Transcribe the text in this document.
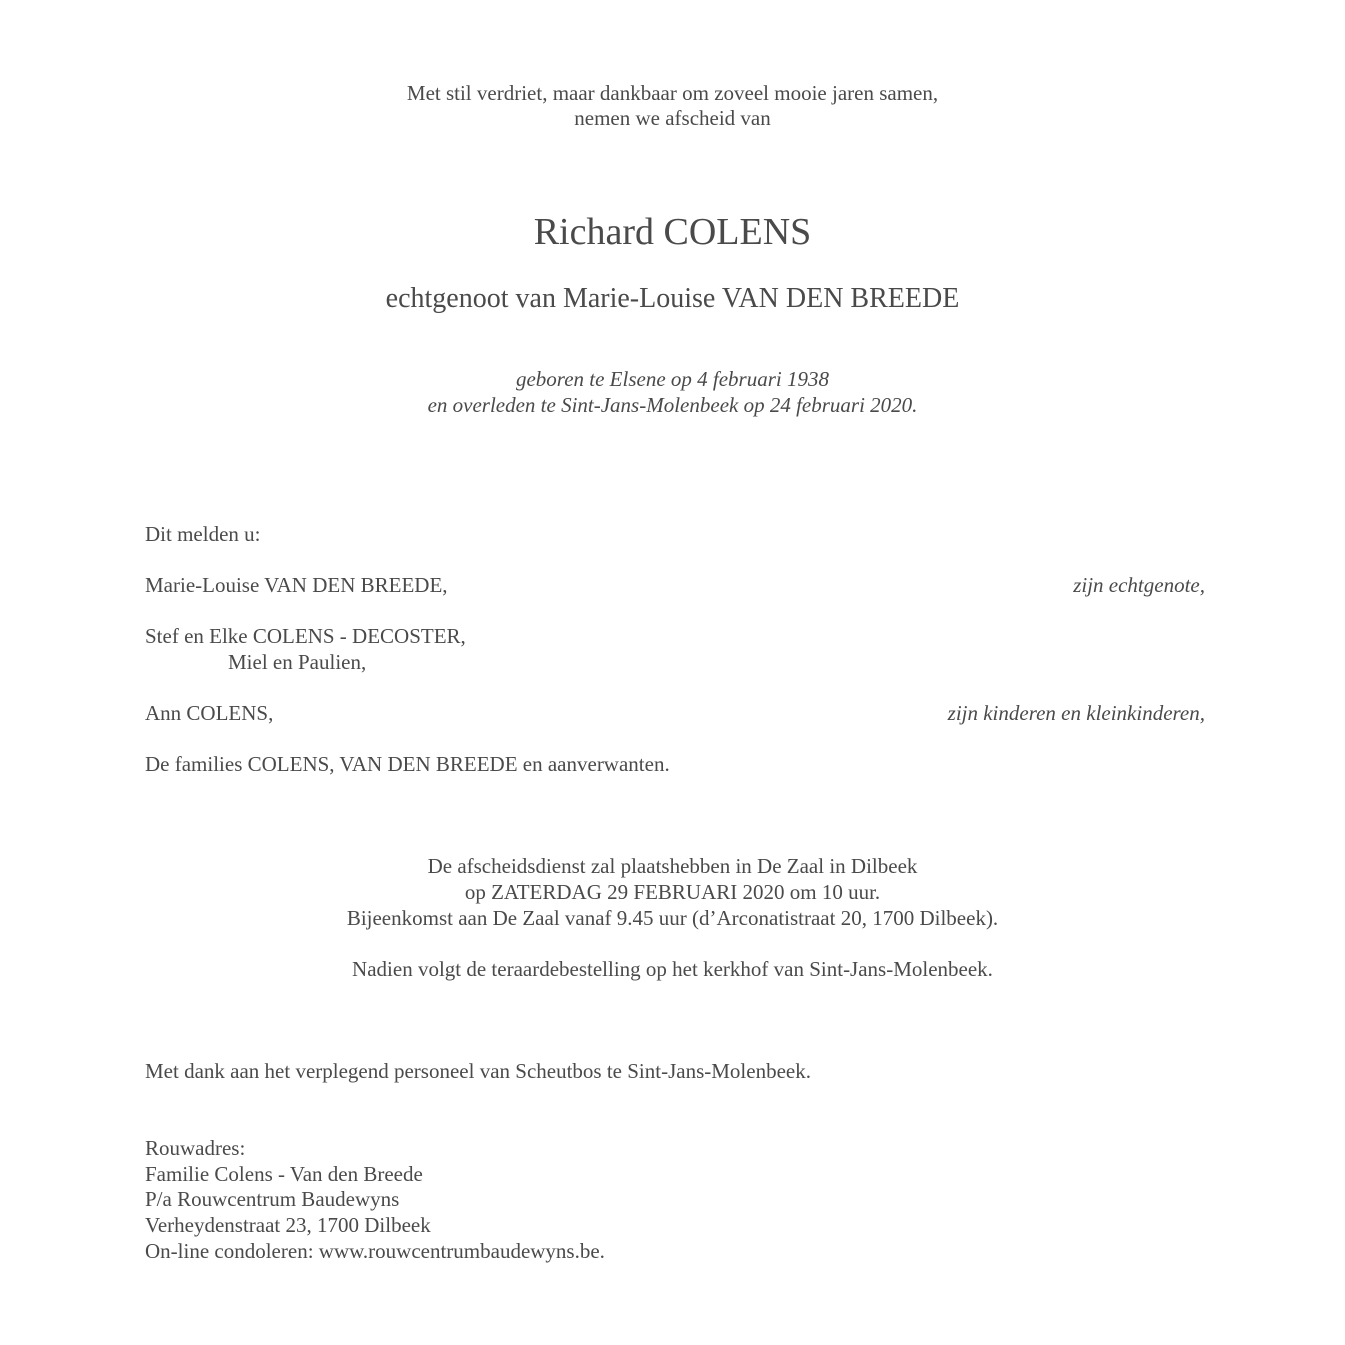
Met stil verdriet, maar dankbaar om zoveel mooie jaren samen,
nemen we afscheid van
Richard COLENS
echtgenoot van Marie-Louise VAN DEN BREEDE
geboren te Elsene op 4 februari 1938
en overleden te Sint-Jans-Molenbeek op 24 februari 2020.
Dit melden u:
Marie-Louise VAN DEN BREEDE,	zijn echtgenote,
Stef en Elke COLENS - DECOSTER,
Miel en Paulien,
Ann COLENS,	zijn kinderen en kleinkinderen,
De families COLENS, VAN DEN BREEDE en aanverwanten.
De afscheidsdienst zal plaatshebben in De Zaal in Dilbeek
op ZATERDAG 29 FEBRUARI 2020 om 10 uur.
Bijeenkomst aan De Zaal vanaf 9.45 uur (d’Arconatistraat 20, 1700 Dilbeek).
Nadien volgt de teraardebestelling op het kerkhof van Sint-Jans-Molenbeek.
Met dank aan het verplegend personeel van Scheutbos te Sint-Jans-Molenbeek.
Rouwadres:
Familie Colens - Van den Breede
P/a Rouwcentrum Baudewyns
Verheydenstraat 23, 1700 Dilbeek
On-line condoleren: www.rouwcentrumbaudewyns.be.
